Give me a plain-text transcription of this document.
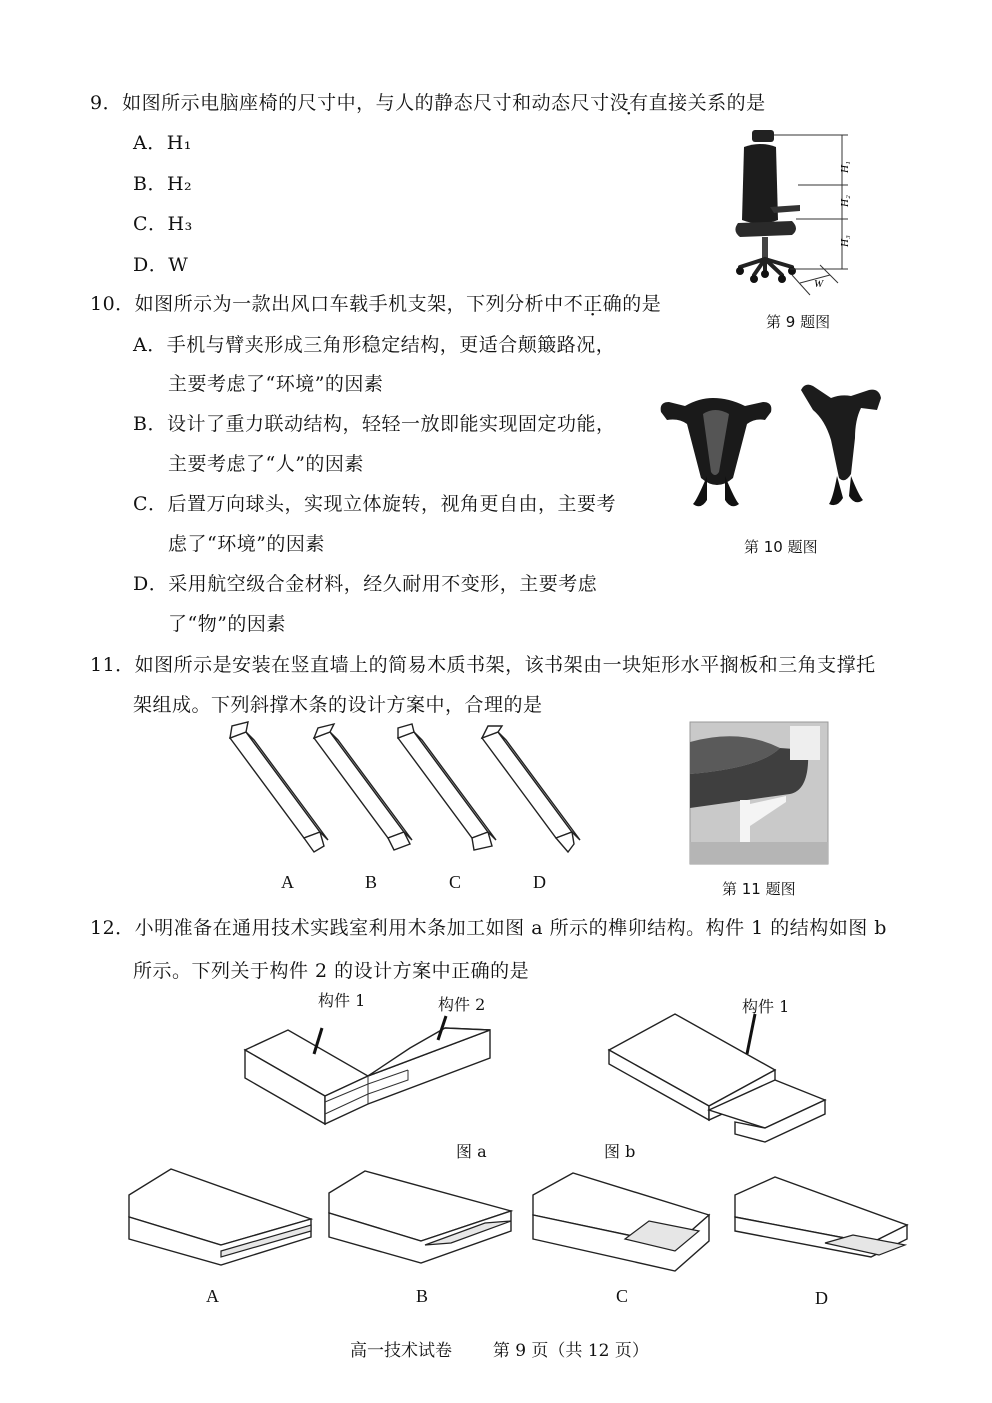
9．如图所示电脑座椅的尺寸中，与人的静态尺寸和动态尺寸没有直接关系的是
A．H₁
B．H₂
C．H₃
D．W
H₁
H₂
H₃
W
第 9 题图
10．如图所示为一款出风口车载手机支架，下列分析中不正确的是
A．手机与臂夹形成三角形稳定结构，更适合颠簸路况，
主要考虑了“环境”的因素
B．设计了重力联动结构，轻轻一放即能实现固定功能，
主要考虑了“人”的因素
C．后置万向球头，实现立体旋转，视角更自由，主要考
虑了“环境”的因素
D．采用航空级合金材料，经久耐用不变形，主要考虑
了“物”的因素
第 10 题图
11．如图所示是安装在竖直墙上的简易木质书架，该书架由一块矩形水平搁板和三角支撑托
架组成。下列斜撑木条的设计方案中，合理的是
A	B	C	D	第 11 题图
12．小明准备在通用技术实践室利用木条加工如图 a 所示的榫卯结构。构件 1 的结构如图 b
所示。下列关于构件 2 的设计方案中正确的是
构件 1	构件 2
图 a
构件 1
图 b
A	B	C	D
高一技术试卷 第 9 页（共 12 页）
